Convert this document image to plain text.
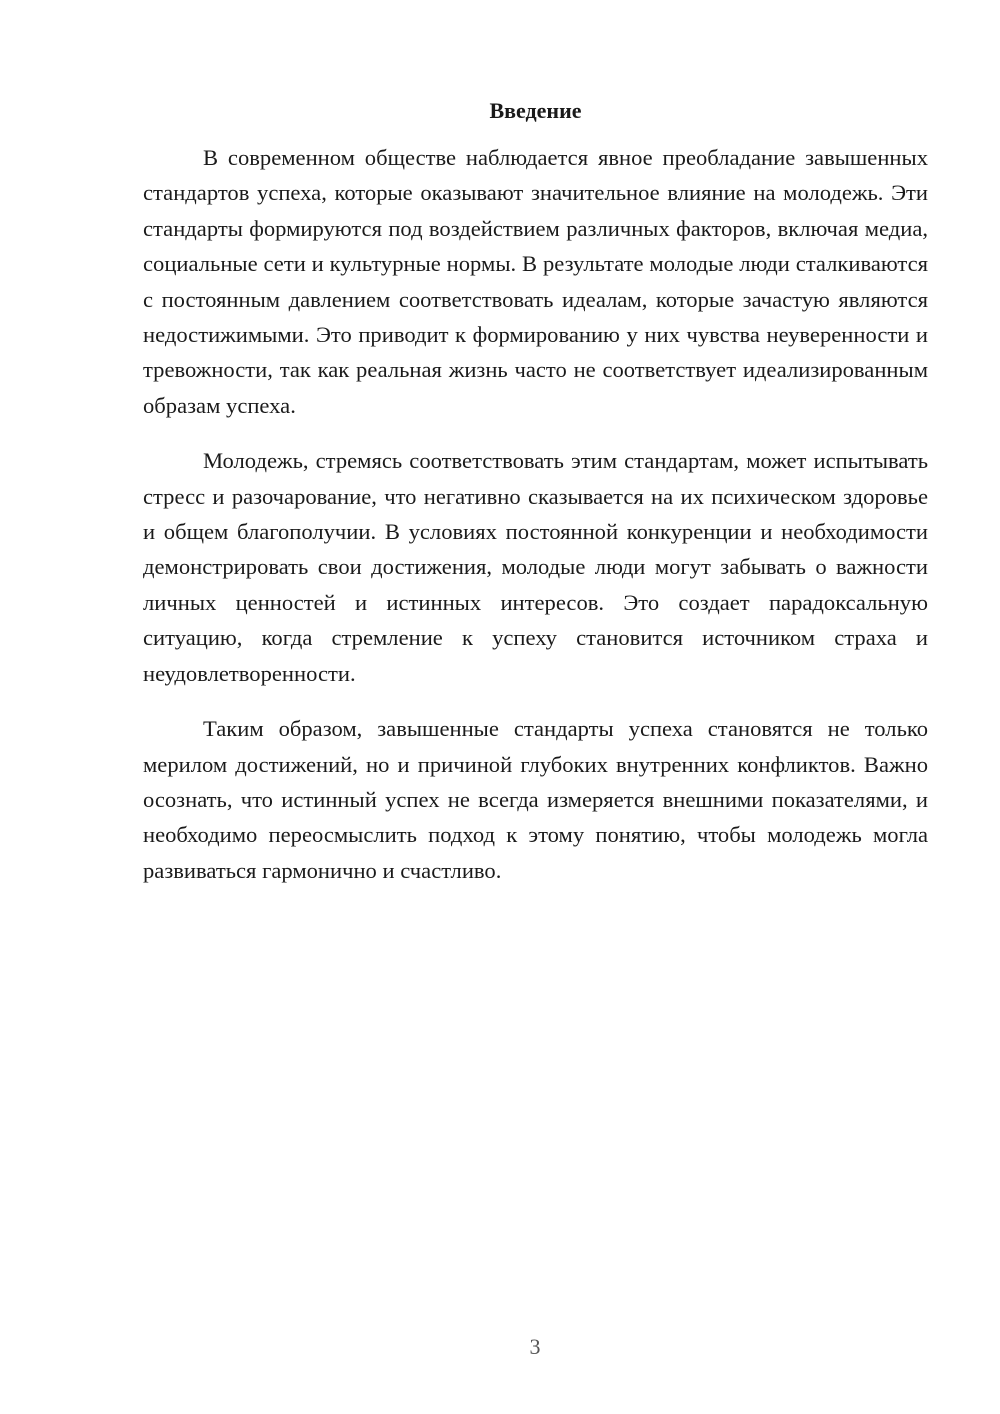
Введение

В современном обществе наблюдается явное преобладание завышенных стандартов успеха, которые оказывают значительное влияние на молодежь. Эти стандарты формируются под воздействием различных факторов, включая медиа, социальные сети и культурные нормы. В результате молодые люди сталкиваются с постоянным давлением соответствовать идеалам, которые зачастую являются недостижимыми. Это приводит к формированию у них чувства неуверенности и тревожности, так как реальная жизнь часто не соответствует идеализированным образам успеха.

Молодежь, стремясь соответствовать этим стандартам, может испытывать стресс и разочарование, что негативно сказывается на их психическом здоровье и общем благополучии. В условиях постоянной конкуренции и необходимости демонстрировать свои достижения, молодые люди могут забывать о важности личных ценностей и истинных интересов. Это создает парадоксальную ситуацию, когда стремление к успеху становится источником страха и неудовлетворенности.

Таким образом, завышенные стандарты успеха становятся не только мерилом достижений, но и причиной глубоких внутренних конфликтов. Важно осознать, что истинный успех не всегда измеряется внешними показателями, и необходимо переосмыслить подход к этому понятию, чтобы молодежь могла развиваться гармонично и счастливо.

3
